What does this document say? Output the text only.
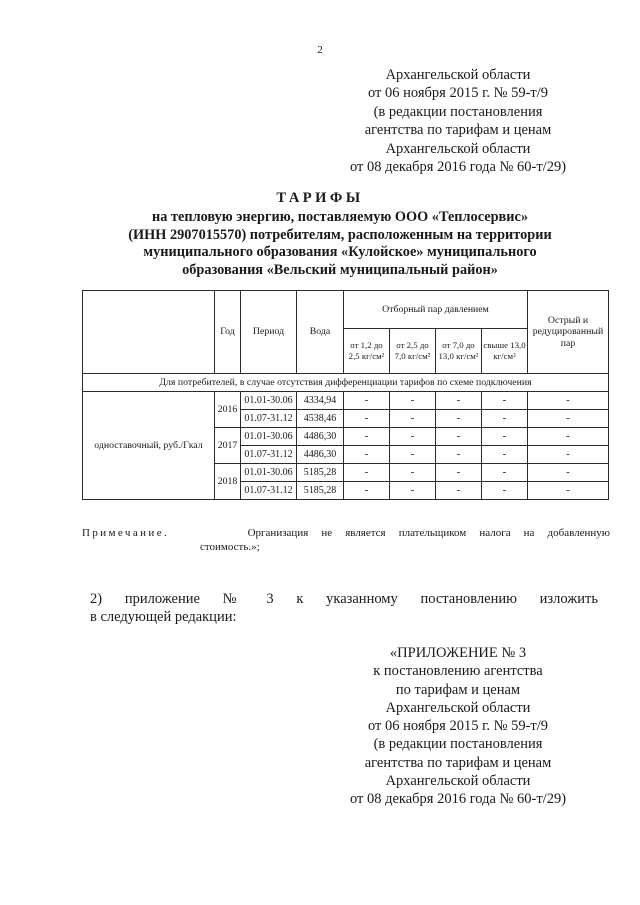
2
Архангельской области
от 06 ноября 2015 г. № 59-т/9
(в редакции постановления
агентства по тарифам и ценам
Архангельской области
от 08 декабря 2016 года № 60-т/29)
ТАРИФЫ
на тепловую энергию, поставляемую ООО «Теплосервис»
(ИНН 2907015570) потребителям, расположенным на территории
муниципального образования «Кулойское» муниципального
образования «Вельский муниципальный район»
	Год	Период	Вода	Отборный пар давлением				Острый и редуцированный пар
				от 1,2 до 2,5 кг/см²	от 2,5 до 7,0 кг/см²	от 7,0 до 13,0 кг/см²	свыше 13,0 кг/см²	
Для потребителей, в случае отсутствия дифференциации тарифов по схеме подключения								
одноставочный, руб./Гкал	2016	01.01-30.06	4334,94	-	-	-	-	-
		01.07-31.12	4538,46	-	-	-	-	-
	2017	01.01-30.06	4486,30	-	-	-	-	-
		01.07-31.12	4486,30	-	-	-	-	-
	2018	01.01-30.06	5185,28	-	-	-	-	-
		01.07-31.12	5185,28	-	-	-	-	-
Примечание.	Организация не является плательщиком налога на добавленную
стоимость.»;
2) приложение № 3 к указанному постановлению изложить
в следующей редакции:
«ПРИЛОЖЕНИЕ № 3
к постановлению агентства
по тарифам и ценам
Архангельской области
от 06 ноября 2015 г. № 59-т/9
(в редакции постановления
агентства по тарифам и ценам
Архангельской области
от 08 декабря 2016 года № 60-т/29)
